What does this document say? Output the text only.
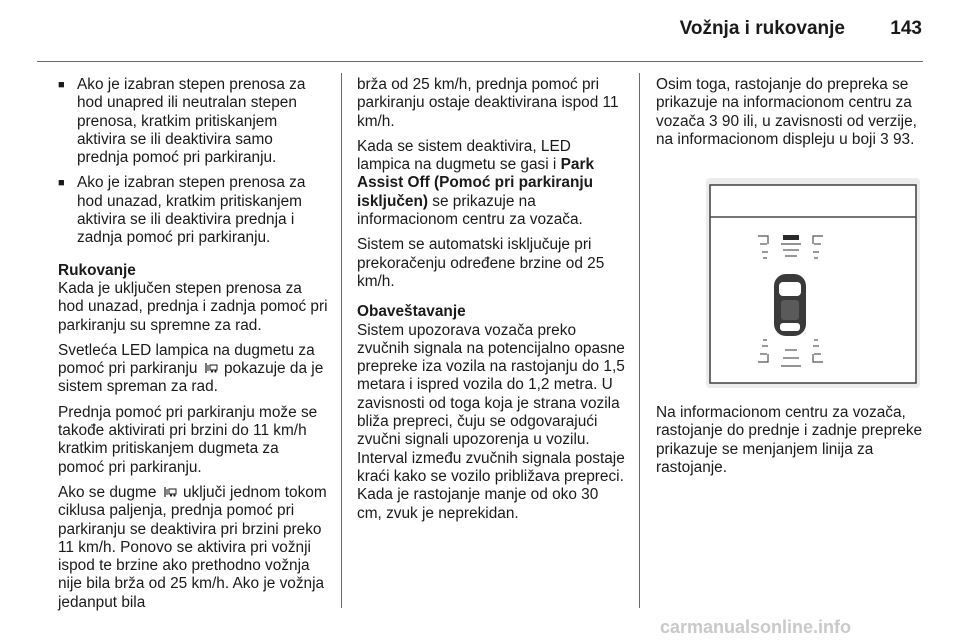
Vožnja i rukovanje	143
■ Ako je izabran stepen prenosa za hod unapred ili neutralan stepen prenosa, kratkim pritiskanjem aktivira se ili deaktivira samo prednja pomoć pri parkiranju.
■ Ako je izabran stepen prenosa za hod unazad, kratkim pritiskanjem aktivira se ili deaktivira prednja i zadnja pomoć pri parkiranju.

Rukovanje

Kada je uključen stepen prenosa za hod unazad, prednja i zadnja pomoć pri parkiranju su spremne za rad.

Svetleća LED lampica na dugmetu za pomoć pri parkiranju pokazuje da je sistem spreman za rad.

Prednja pomoć pri parkiranju može se takođe aktivirati pri brzini do 11 km/h kratkim pritiskanjem dugmeta za pomoć pri parkiranju.

Ako se dugme uključi jednom tokom ciklusa paljenja, prednja pomoć pri parkiranju se deaktivira pri brzini preko 11 km/h. Ponovo se aktivira pri vožnji ispod te brzine ako prethodno vožnja nije bila brža od 25 km/h. Ako je vožnja jedanput bila

brža od 25 km/h, prednja pomoć pri parkiranju ostaje deaktivirana ispod 11 km/h.

Kada se sistem deaktivira, LED lampica na dugmetu se gasi i Park Assist Off (Pomoć pri parkiranju isključen) se prikazuje na informacionom centru za vozača.

Sistem se automatski isključuje pri prekoračenju određene brzine od 25 km/h.

Obaveštavanje

Sistem upozorava vozača preko zvučnih signala na potencijalno opasne prepreke iza vozila na rastojanju do 1,5 metara i ispred vozila do 1,2 metra. U zavisnosti od toga koja je strana vozila bliža prepreci, čuju se odgovarajući zvučni signali upozorenja u vozilu. Interval između zvučnih signala postaje kraći kako se vozilo približava prepreci. Kada je rastojanje manje od oko 30 cm, zvuk je neprekidan.

Osim toga, rastojanje do prepreka se prikazuje na informacionom centru za vozača 3 90 ili, u zavisnosti od verzije, na informacionom displeju u boji 3 93.

Na informacionom centru za vozača, rastojanje do prednje i zadnje prepreke prikazuje se menjanjem linija za rastojanje.

carmanualsonline.info
